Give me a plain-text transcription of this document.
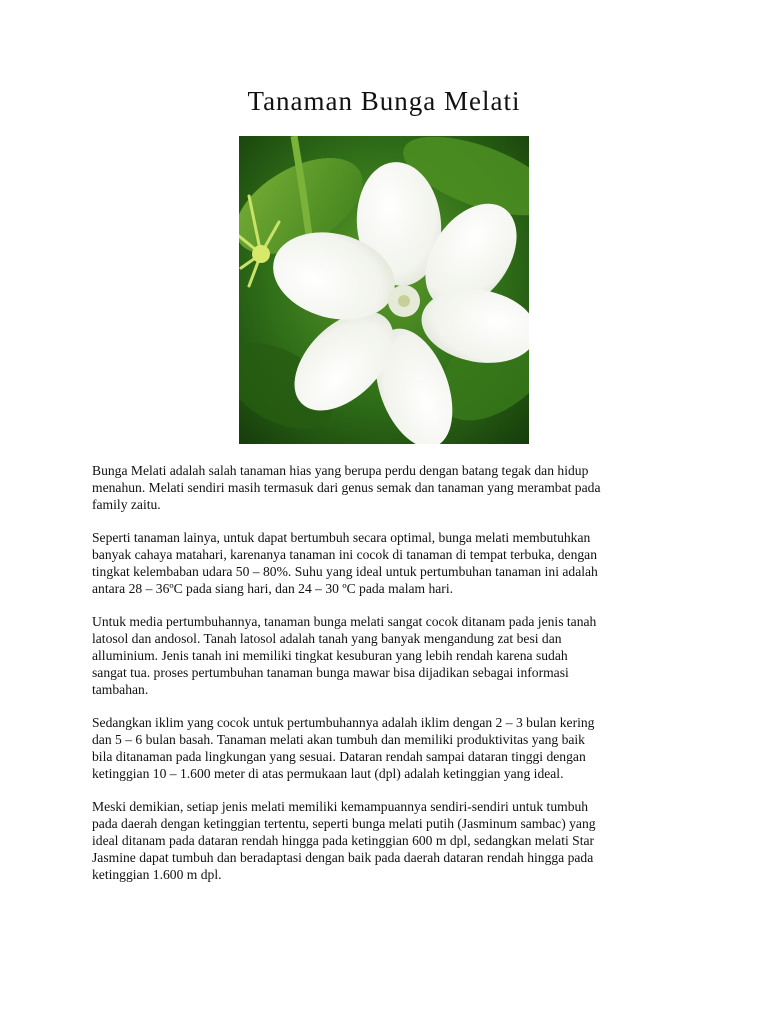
Tanaman Bunga Melati

Bunga Melati adalah salah tanaman hias yang berupa perdu dengan batang tegak dan hidup
menahun. Melati sendiri masih termasuk dari genus semak dan tanaman yang merambat pada
family zaitu.

Seperti tanaman lainya, untuk dapat bertumbuh secara optimal, bunga melati membutuhkan
banyak cahaya matahari, karenanya tanaman ini cocok di tanaman di tempat terbuka, dengan
tingkat kelembaban udara 50 – 80%. Suhu yang ideal untuk pertumbuhan tanaman ini adalah
antara 28 – 36ºC pada siang hari, dan 24 – 30 ºC pada malam hari.

Untuk media pertumbuhannya, tanaman bunga melati sangat cocok ditanam pada jenis tanah
latosol dan andosol. Tanah latosol adalah tanah yang banyak mengandung zat besi dan
alluminium. Jenis tanah ini memiliki tingkat kesuburan yang lebih rendah karena sudah
sangat tua. proses pertumbuhan tanaman bunga mawar bisa dijadikan sebagai informasi
tambahan.

Sedangkan iklim yang cocok untuk pertumbuhannya adalah iklim dengan 2 – 3 bulan kering
dan 5 – 6 bulan basah. Tanaman melati akan tumbuh dan memiliki produktivitas yang baik
bila ditanaman pada lingkungan yang sesuai. Dataran rendah sampai dataran tinggi dengan
ketinggian 10 – 1.600 meter di atas permukaan laut (dpl) adalah ketinggian yang ideal.

Meski demikian, setiap jenis melati memiliki kemampuannya sendiri-sendiri untuk tumbuh
pada daerah dengan ketinggian tertentu, seperti bunga melati putih (Jasminum sambac) yang
ideal ditanam pada dataran rendah hingga pada ketinggian 600 m dpl, sedangkan melati Star
Jasmine dapat tumbuh dan beradaptasi dengan baik pada daerah dataran rendah hingga pada
ketinggian 1.600 m dpl.
